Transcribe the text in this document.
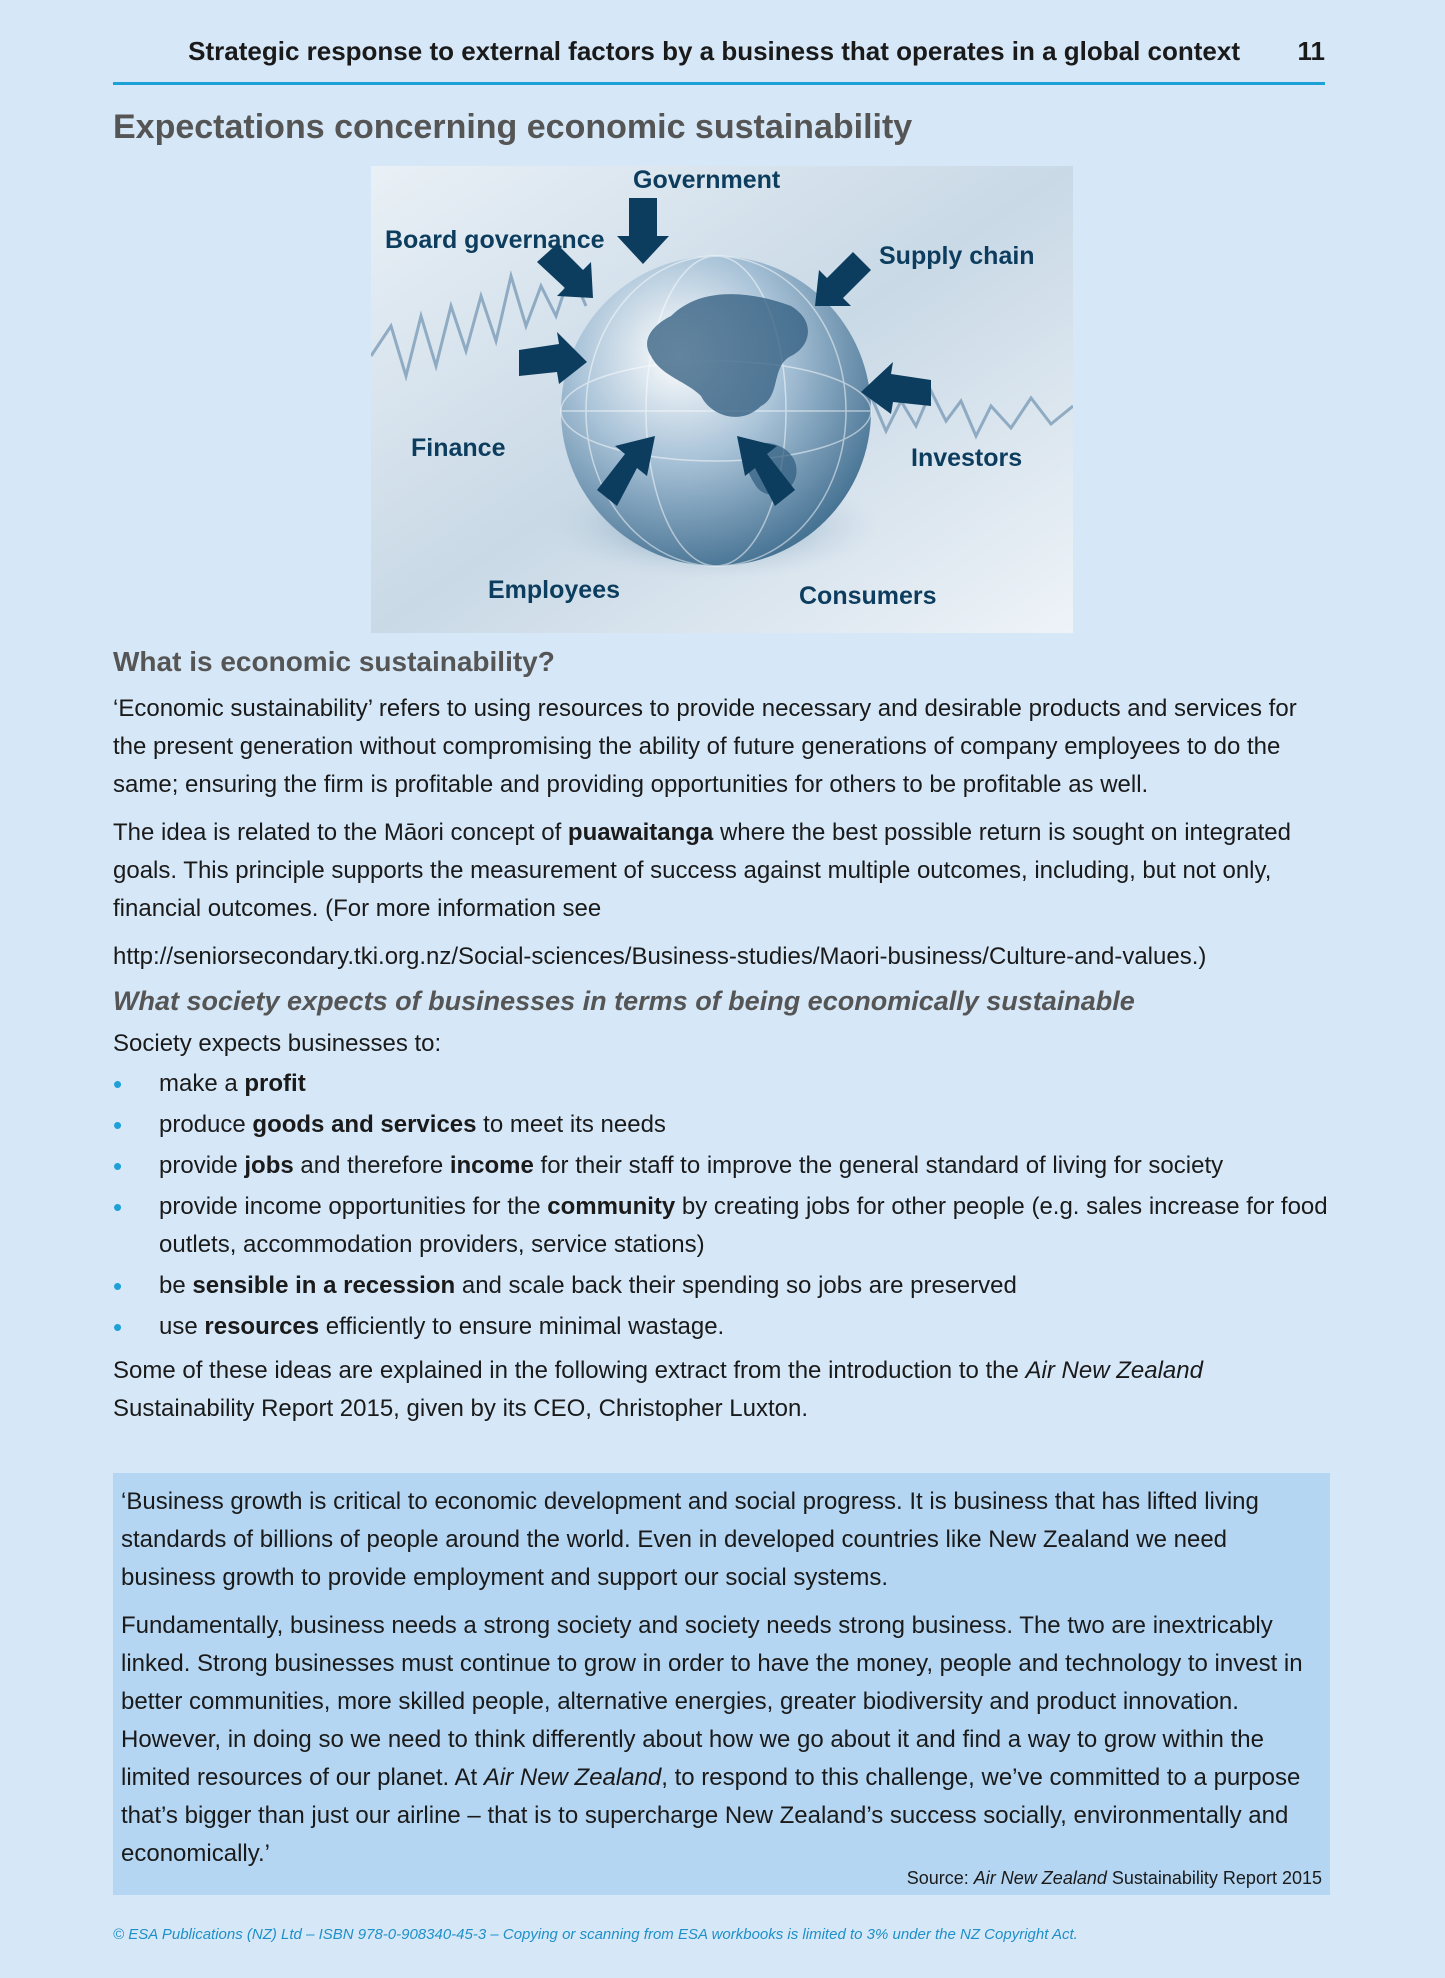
Strategic response to external factors by a business that operates in a global context 11
Expectations concerning economic sustainability
Government
Board governance
Supply chain
Finance	Investors
Employees	Consumers
What is economic sustainability?

‘Economic sustainability’ refers to using resources to provide necessary and desirable products and services for the present generation without compromising the ability of future generations of company employees to do the same; ensuring the firm is profitable and providing opportunities for others to be profitable as well.

The idea is related to the Māori concept of puawaitanga where the best possible return is sought on integrated goals. This principle supports the measurement of success against multiple outcomes, including, but not only, financial outcomes. (For more information see

http://seniorsecondary.tki.org.nz/Social-sciences/Business-studies/Maori-business/Culture-and-values.)

What society expects of businesses in terms of being economically sustainable

Society expects businesses to:

• make a profit
• produce goods and services to meet its needs
• provide jobs and therefore income for their staff to improve the general standard of living for society
• provide income opportunities for the community by creating jobs for other people (e.g. sales increase for food outlets, accommodation providers, service stations)
• be sensible in a recession and scale back their spending so jobs are preserved
• use resources efficiently to ensure minimal wastage.

Some of these ideas are explained in the following extract from the introduction to the Air New Zealand Sustainability Report 2015, given by its CEO, Christopher Luxton.

‘Business growth is critical to economic development and social progress. It is business that has lifted living standards of billions of people around the world. Even in developed countries like New Zealand we need business growth to provide employment and support our social systems.

Fundamentally, business needs a strong society and society needs strong business. The two are inextricably linked. Strong businesses must continue to grow in order to have the money, people and technology to invest in better communities, more skilled people, alternative energies, greater biodiversity and product innovation. However, in doing so we need to think differently about how we go about it and find a way to grow within the limited resources of our planet. At Air New Zealand, to respond to this challenge, we’ve committed to a purpose that’s bigger than just our airline – that is to supercharge New Zealand’s success socially, environmentally and economically.’

Source: Air New Zealand Sustainability Report 2015
© ESA Publications (NZ) Ltd – ISBN 978-0-908340-45-3 – Copying or scanning from ESA workbooks is limited to 3% under the NZ Copyright Act.
